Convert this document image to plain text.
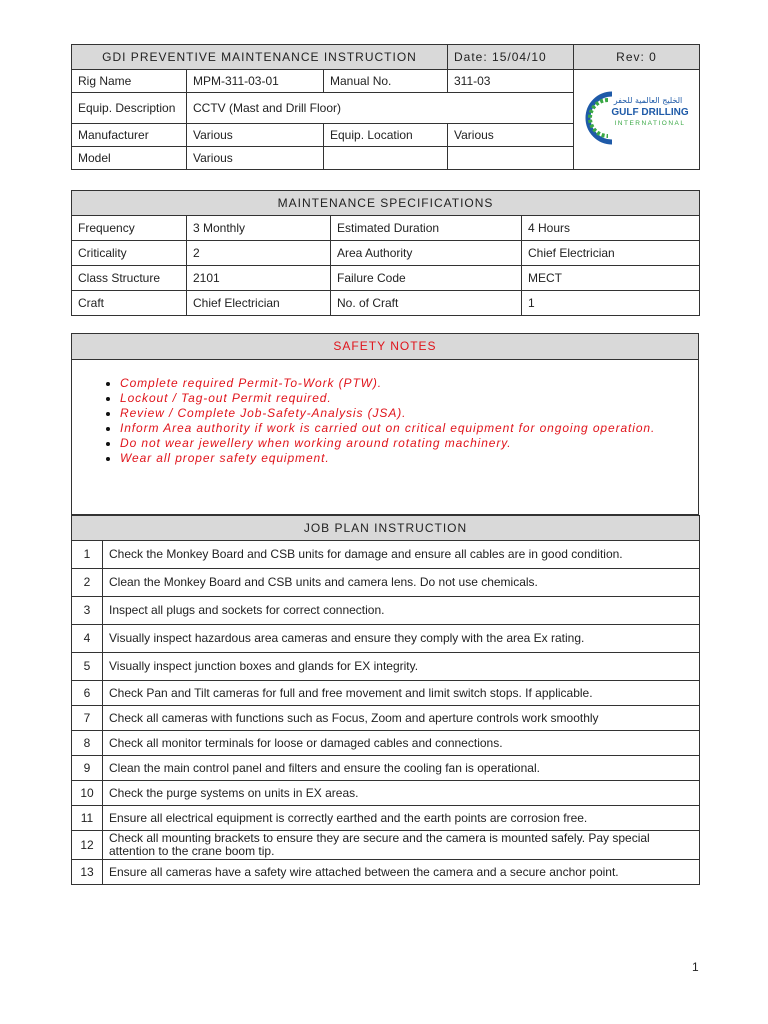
GDI PREVENTIVE MAINTENANCE INSTRUCTION			Date: 15/04/10	Rev: 0
Rig Name	MPM-311-03-01	Manual No.	311-03	الخليج العالمية للحفر
GULF DRILLING
INTERNATIONAL

Equip. Description	CCTV (Mast and Drill Floor)			
Manufacturer	Various	Equip. Location	Various	
Model	Various			
MAINTENANCE SPECIFICATIONS			
Frequency	3 Monthly	Estimated Duration	4 Hours
Criticality	2	Area Authority	Chief Electrician
Class Structure	2101	Failure Code	MECT
Craft	Chief Electrician	No. of Craft	1
SAFETY NOTES

• Complete required Permit-To-Work (PTW).
• Lockout / Tag-out Permit required.
• Review / Complete Job-Safety-Analysis (JSA).
• Inform Area authority if work is carried out on critical equipment for ongoing operation.
• Do not wear jewellery when working around rotating machinery.
• Wear all proper safety equipment.
JOB PLAN INSTRUCTION	
1	Check the Monkey Board and CSB units for damage and ensure all cables are in good condition.
2	Clean the Monkey Board and CSB units and camera lens. Do not use chemicals.
3	Inspect all plugs and sockets for correct connection.
4	Visually inspect hazardous area cameras and ensure they comply with the area Ex rating.
5	Visually inspect junction boxes and glands for EX integrity.
6	Check Pan and Tilt cameras for full and free movement and limit switch stops. If applicable.
7	Check all cameras with functions such as Focus, Zoom and aperture controls work smoothly
8	Check all monitor terminals for loose or damaged cables and connections.
9	Clean the main control panel and filters and ensure the cooling fan is operational.
10	Check the purge systems on units in EX areas.
11	Ensure all electrical equipment is correctly earthed and the earth points are corrosion free.
12	Check all mounting brackets to ensure they are secure and the camera is mounted safely. Pay special attention to the crane boom tip.
13	Ensure all cameras have a safety wire attached between the camera and a secure anchor point.
1
